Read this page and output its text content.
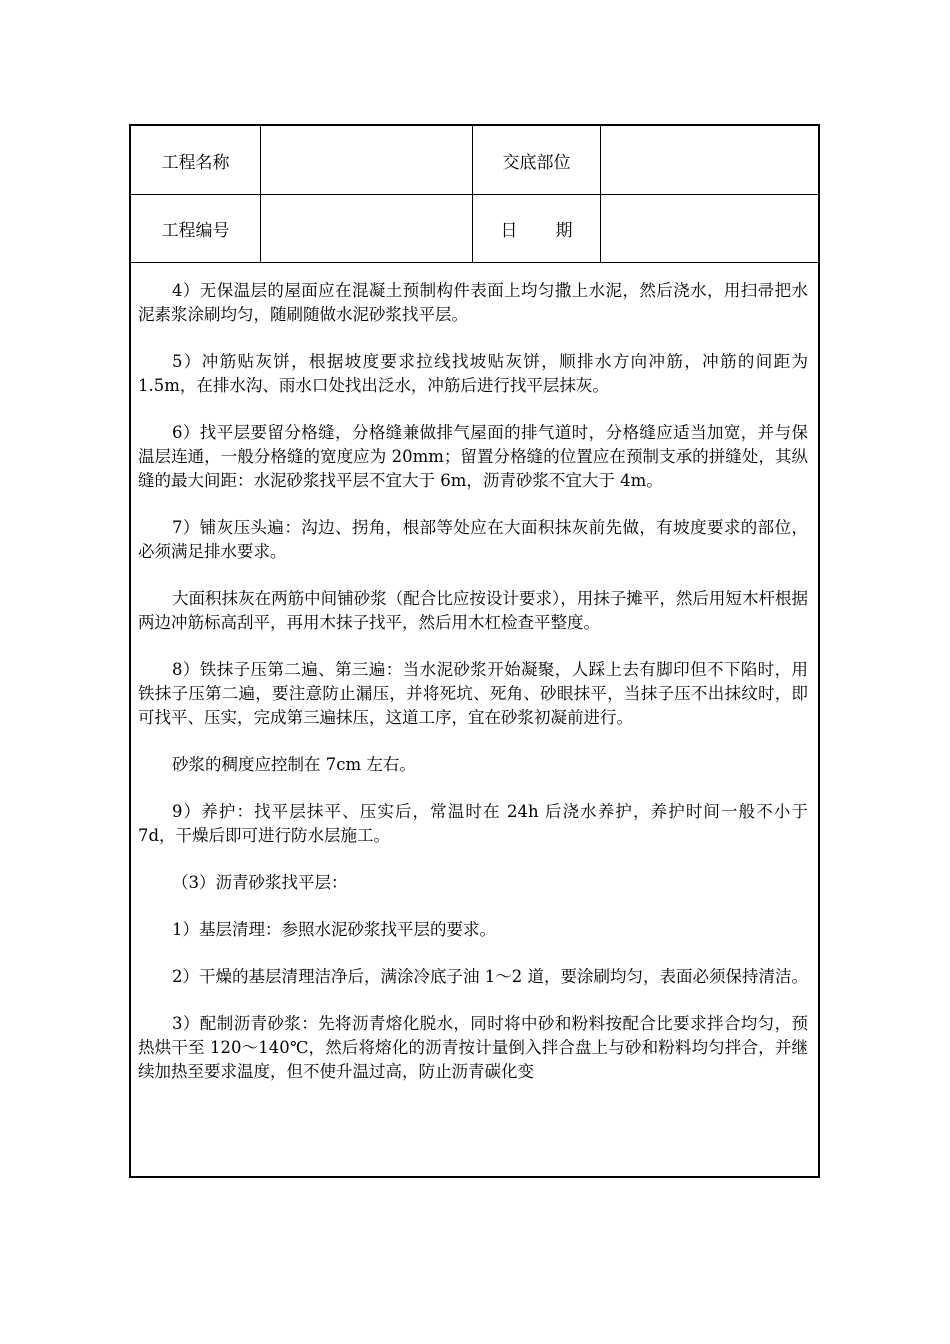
工程名称	交底部位
工程编号	日 期

4）无保温层的屋面应在混凝土预制构件表面上均匀撒上水泥，然后浇水，用扫帚把水泥素浆涂刷均匀，随刷随做水泥砂浆找平层。

5）冲筋贴灰饼，根据坡度要求拉线找坡贴灰饼，顺排水方向冲筋，冲筋的间距为 1.5m，在排水沟、雨水口处找出泛水，冲筋后进行找平层抹灰。

6）找平层要留分格缝，分格缝兼做排气屋面的排气道时，分格缝应适当加宽，并与保温层连通，一般分格缝的宽度应为 20mm；留置分格缝的位置应在预制支承的拼缝处，其纵缝的最大间距：水泥砂浆找平层不宜大于 6m，沥青砂浆不宜大于 4m。

7）铺灰压头遍：沟边、拐角，根部等处应在大面积抹灰前先做，有坡度要求的部位，必须满足排水要求。

大面积抹灰在两筋中间铺砂浆（配合比应按设计要求），用抹子摊平，然后用短木杆根据两边冲筋标高刮平，再用木抹子找平，然后用木杠检查平整度。

8）铁抹子压第二遍、第三遍：当水泥砂浆开始凝聚，人踩上去有脚印但不下陷时，用铁抹子压第二遍，要注意防止漏压，并将死坑、死角、砂眼抹平，当抹子压不出抹纹时，即可找平、压实，完成第三遍抹压，这道工序，宜在砂浆初凝前进行。

砂浆的稠度应控制在 7cm 左右。

9）养护：找平层抹平、压实后，常温时在 24h 后浇水养护，养护时间一般不小于 7d，干燥后即可进行防水层施工。

（3）沥青砂浆找平层：

1）基层清理：参照水泥砂浆找平层的要求。

2）干燥的基层清理洁净后，满涂冷底子油 1～2 道，要涂刷均匀，表面必须保持清洁。

3）配制沥青砂浆：先将沥青熔化脱水，同时将中砂和粉料按配合比要求拌合均匀，预热烘干至 120～140℃，然后将熔化的沥青按计量倒入拌合盘上与砂和粉料均匀拌合，并继续加热至要求温度，但不使升温过高，防止沥青碳化变
